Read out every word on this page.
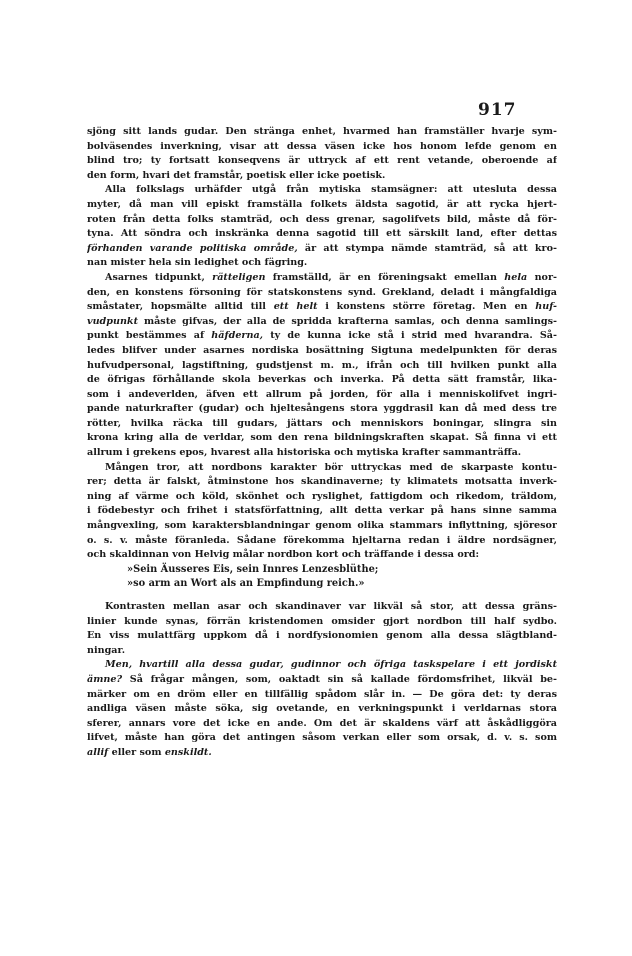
917
sjöng sitt lands gudar. Den stränga enhet, hvarmed han framställer hvarje sym-
bolväsendes inverkning, visar att dessa väsen icke hos honom lefde genom en
blind tro; ty fortsatt konseqvens är uttryck af ett rent vetande, oberoende af
den form, hvari det framstår, poetisk eller icke poetisk.
Alla folkslags urhäfder utgå från mytiska stamsägner: att utesluta dessa
myter, då man vill episkt framställa folkets äldsta sagotid, är att rycka hjert-
roten från detta folks stamträd, och dess grenar, sagolifvets bild, måste då för-
tyna. Att söndra och inskränka denna sagotid till ett särskilt land, efter dettas
förhanden varande politiska område, är att stympa nämde stamträd, så att kro-
nan mister hela sin ledighet och fägring.
Asarnes tidpunkt, rätteligen framställd, är en föreningsakt emellan hela nor-
den, en konstens försoning för statskonstens synd. Grekland, deladt i mångfaldiga
småstater, hopsmälte alltid till ett helt i konstens större företag. Men en huf-
vudpunkt måste gifvas, der alla de spridda krafterna samlas, och denna samlings-
punkt bestämmes af häfderna, ty de kunna icke stå i strid med hvarandra. Så-
ledes blifver under asarnes nordiska bosättning Sigtuna medelpunkten för deras
hufvudpersonal, lagstiftning, gudstjenst m. m., ifrån och till hvilken punkt alla
de öfrigas förhållande skola beverkas och inverka. På detta sätt framstår, lika-
som i andeverlden, äfven ett allrum på jorden, för alla i menniskolifvet ingri-
pande naturkrafter (gudar) och hjeltesångens stora yggdrasil kan då med dess tre
rötter, hvilka räcka till gudars, jättars och menniskors boningar, slingra sin
krona kring alla de verldar, som den rena bildningskraften skapat. Så finna vi ett
allrum i grekens epos, hvarest alla historiska och mytiska krafter sammanträffa.
Mången tror, att nordbons karakter bör uttryckas med de skarpaste kontu-
rer; detta är falskt, åtminstone hos skandinaverne; ty klimatets motsatta inverk-
ning af värme och köld, skönhet och ryslighet, fattigdom och rikedom, träldom,
i födebestyr och frihet i statsförfattning, allt detta verkar på hans sinne samma
mångvexling, som karaktersblandningar genom olika stammars inflyttning, sjöresor
o. s. v. måste föranleda. Sådane förekomma hjeltarna redan i äldre nordsägner,
och skaldinnan von Helvig målar nordbon kort och träffande i dessa ord:
»Sein Äusseres Eis, sein Innres Lenzesblüthe;
»so arm an Wort als an Empfindung reich.»
Kontrasten mellan asar och skandinaver var likväl så stor, att dessa gräns-
linier kunde synas, förrän kristendomen omsider gjort nordbon till half sydbo.
En viss mulattfärg uppkom då i nordfysionomien genom alla dessa slägtbland-
ningar.
Men, hvartill alla dessa gudar, gudinnor och öfriga taskspelare i ett jordiskt
ämne? Så frågar mången, som, oaktadt sin så kallade fördomsfrihet, likväl be-
märker om en dröm eller en tillfällig spådom slår in. — De göra det: ty deras
andliga väsen måste söka, sig ovetande, en verkningspunkt i verldarnas stora
sferer, annars vore det icke en ande. Om det är skaldens värf att åskådliggöra
lifvet, måste han göra det antingen såsom verkan eller som orsak, d. v. s. som
allif eller som enskildt.
